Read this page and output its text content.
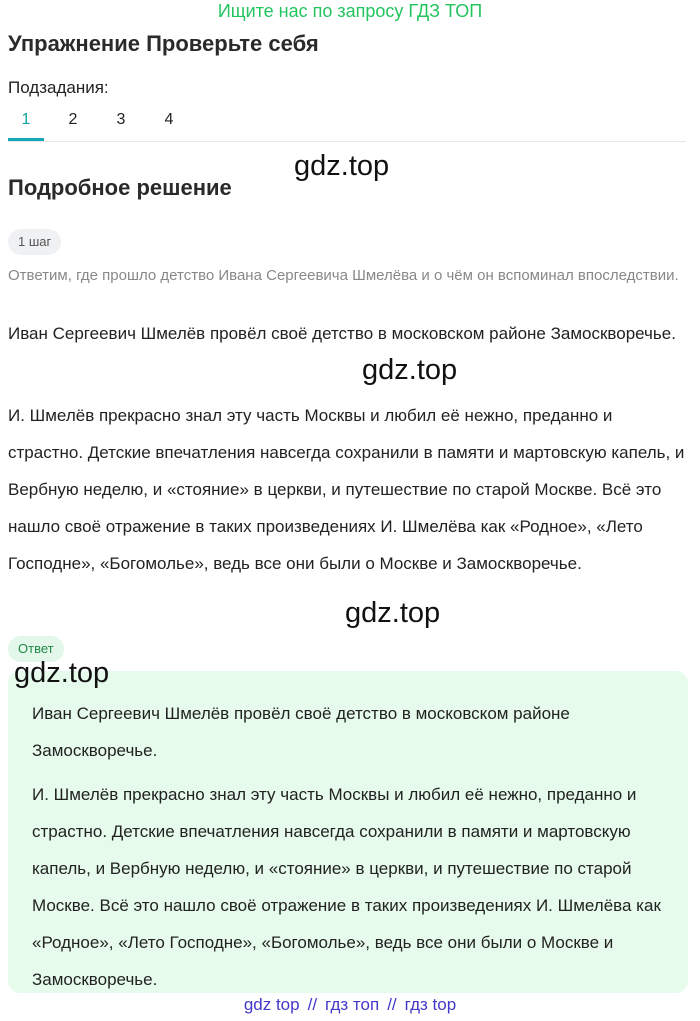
Ищите нас по запросу ГДЗ ТОП
Упражнение Проверьте себя
Подзадания:
1	2	3	4
gdz.top
Подробное решение
1 шаг
Ответим, где прошло детство Ивана Сергеевича Шмелёва и о чём он вспоминал впоследствии.

Иван Сергеевич Шмелёв провёл своё детство в московском районе Замоскворечье.

gdz.top

И. Шмелёв прекрасно знал эту часть Москвы и любил её нежно, преданно и страстно. Детские впечатления навсегда сохранили в памяти и мартовскую капель, и Вербную неделю, и «стояние» в церкви, и путешествие по старой Москве. Всё это нашло своё отражение в таких произведениях И. Шмелёва как «Родное», «Лето Господне», «Богомолье», ведь все они были о Москве и Замоскворечье.

gdz.top
Ответ

Иван Сергеевич Шмелёв провёл своё детство в московском районе Замоскворечье.

И. Шмелёв прекрасно знал эту часть Москвы и любил её нежно, преданно и страстно. Детские впечатления навсегда сохранили в памяти и мартовскую капель, и Вербную неделю, и «стояние» в церкви, и путешествие по старой Москве. Всё это нашло своё отражение в таких произведениях И. Шмелёва как «Родное», «Лето Господне», «Богомолье», ведь все они были о Москве и Замоскворечье.

gdz.top
gdz top // гдз топ // гдз top
